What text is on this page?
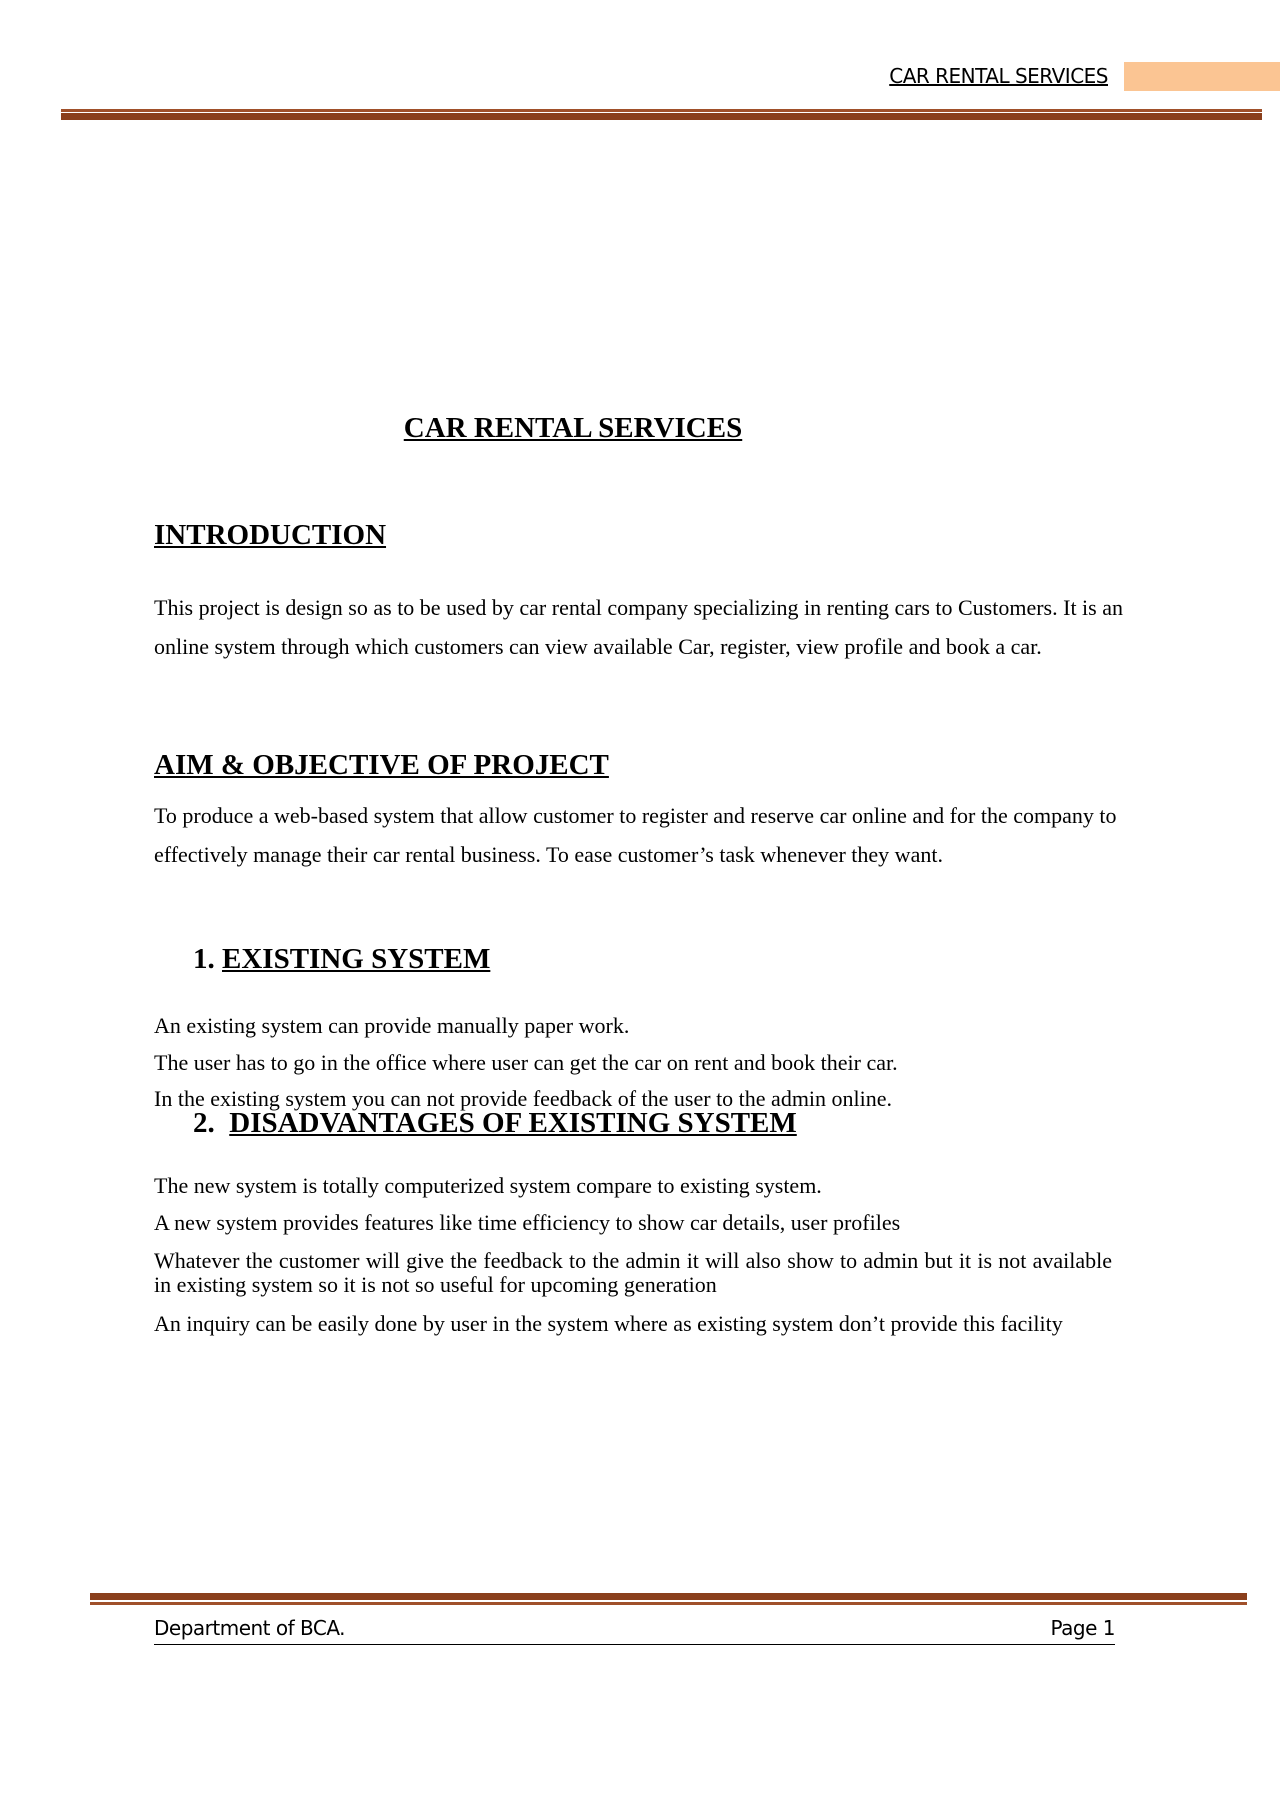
CAR RENTAL SERVICES
CAR RENTAL SERVICES
INTRODUCTION
This project is design so as to be used by car rental company specializing in renting cars to Customers. It is an online system through which customers can view available Car, register, view profile and book a car.
AIM & OBJECTIVE OF PROJECT
To produce a web-based system that allow customer to register and reserve car online and for the company to effectively manage their car rental business. To ease customer’s task whenever they want.
1. EXISTING SYSTEM
An existing system can provide manually paper work.
The user has to go in the office where user can get the car on rent and book their car.
In the existing system you can not provide feedback of the user to the admin online.
2. DISADVANTAGES OF EXISTING SYSTEM
The new system is totally computerized system compare to existing system.
A new system provides features like time efficiency to show car details, user profiles
Whatever the customer will give the feedback to the admin it will also show to admin but it is not available in existing system so it is not so useful for upcoming generation
An inquiry can be easily done by user in the system where as existing system don’t provide this facility
Department of BCA.	Page 1
